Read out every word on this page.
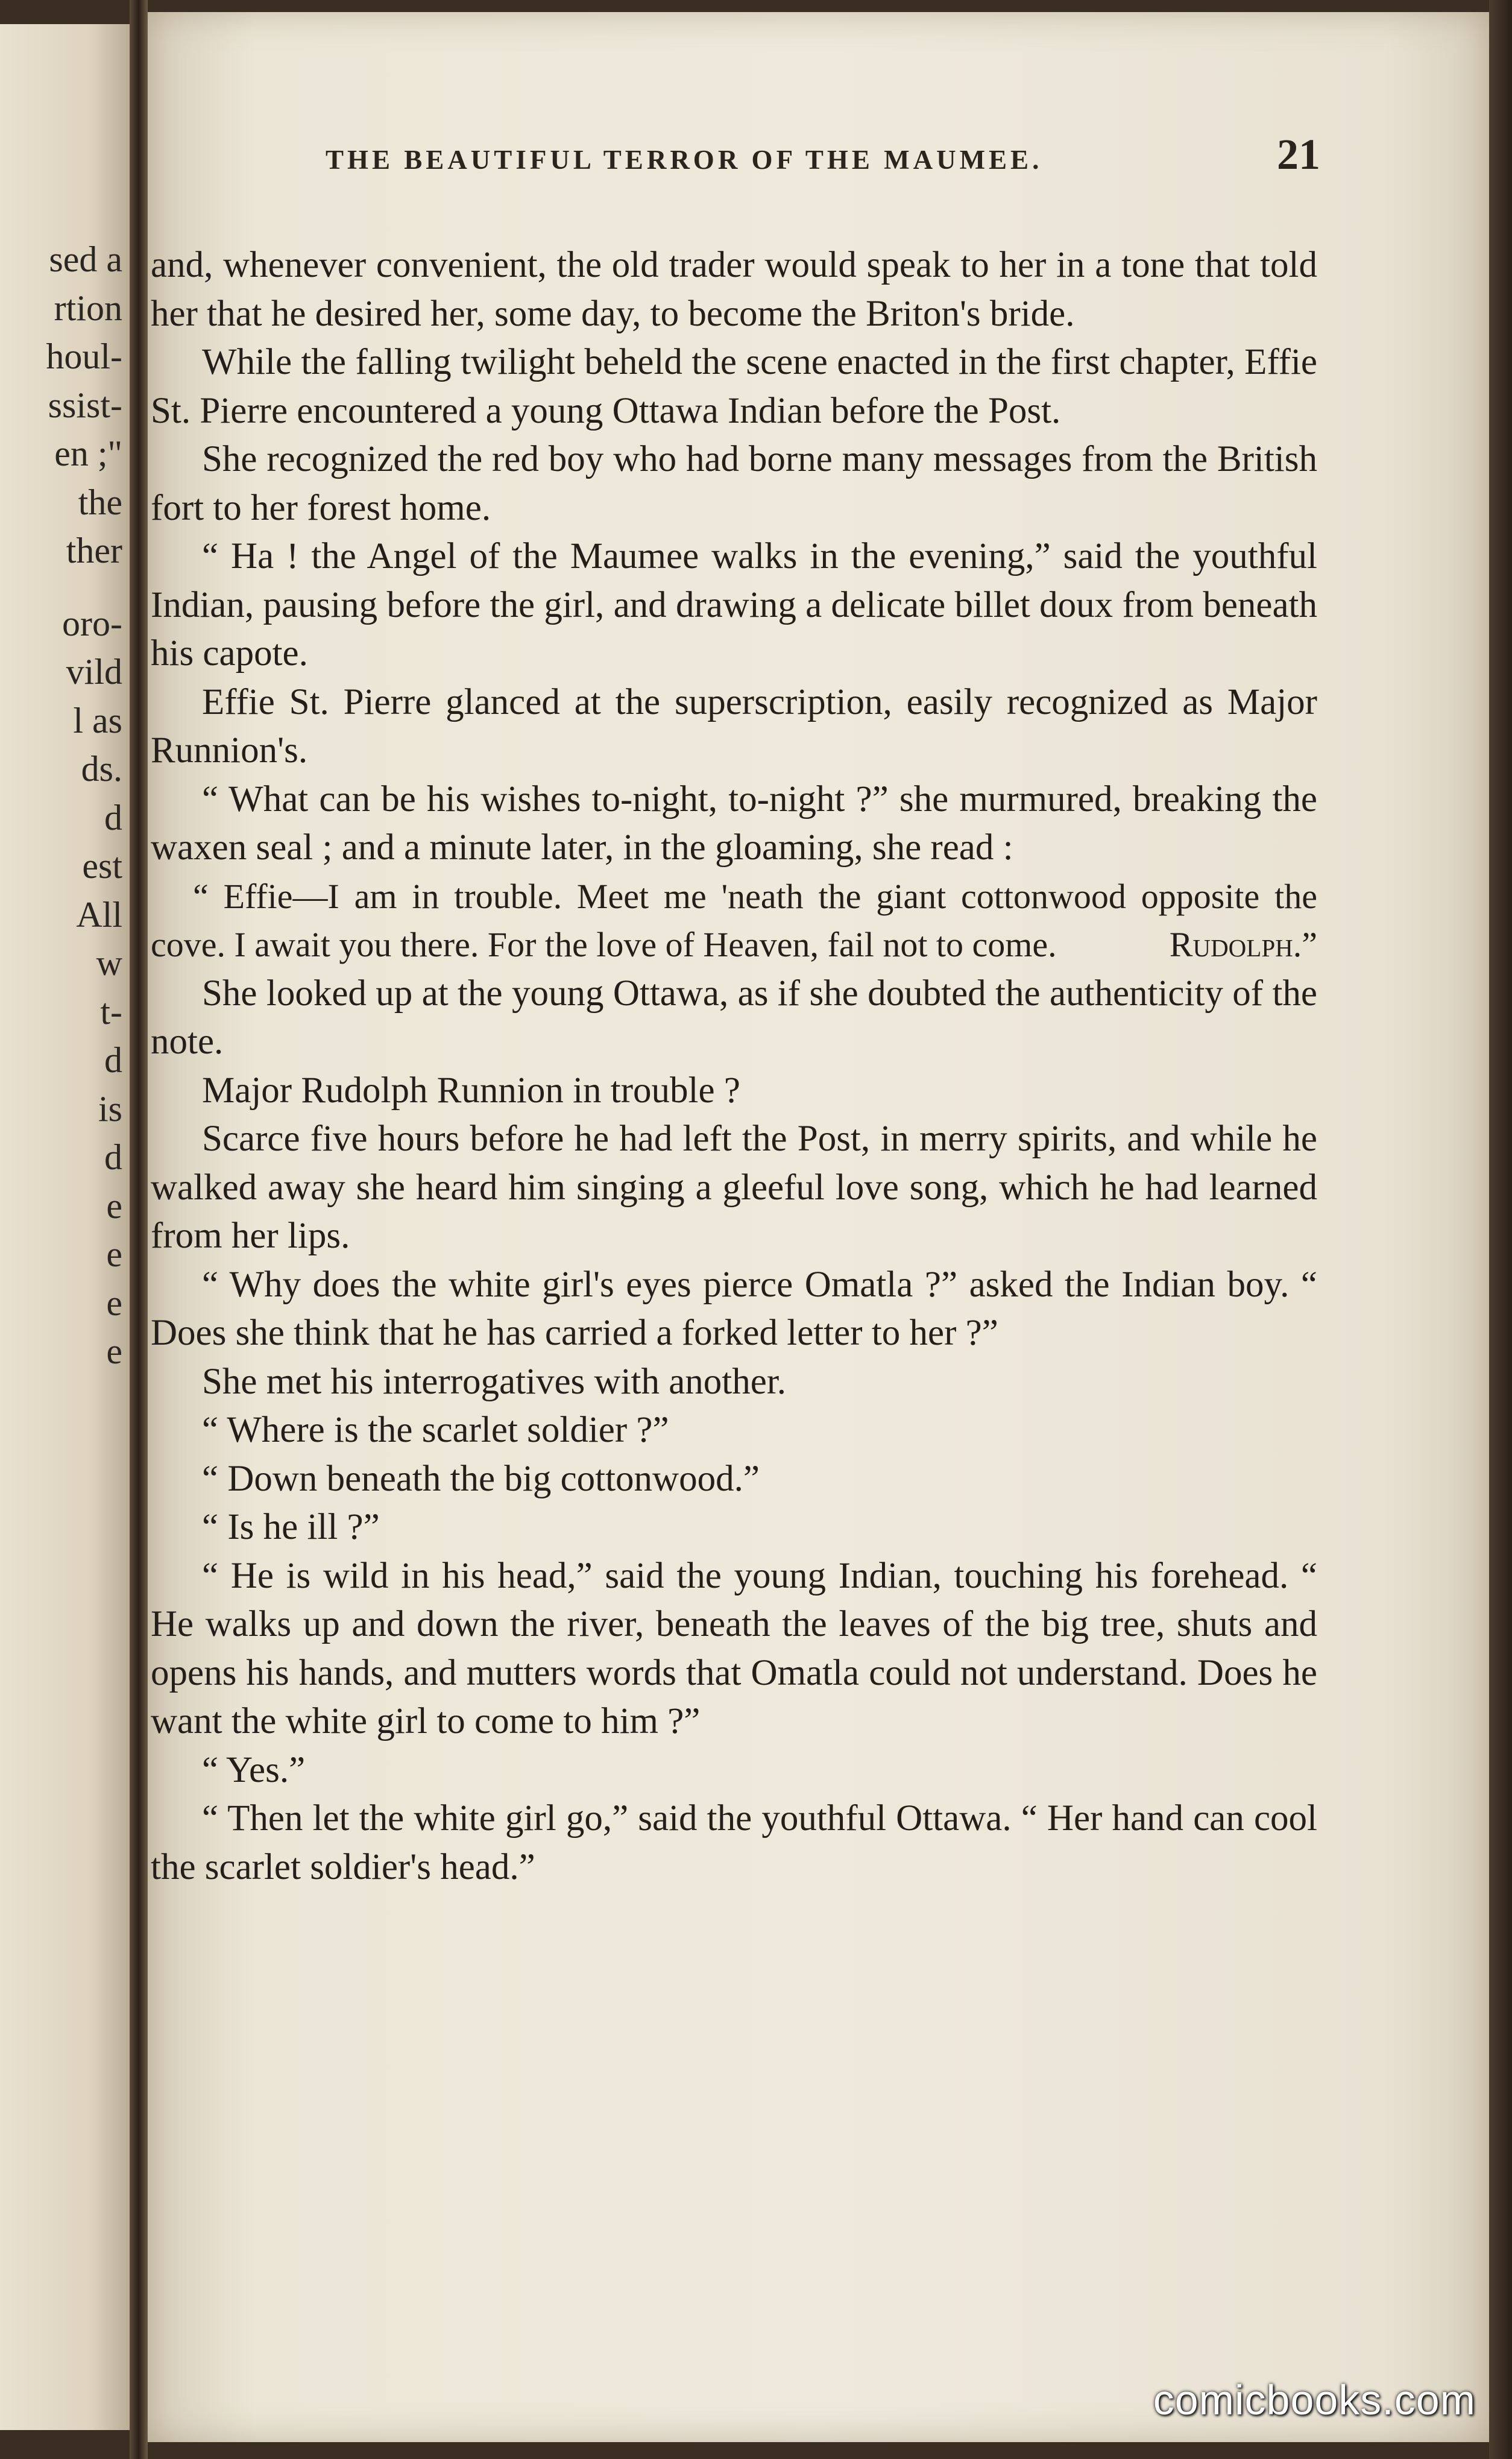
sed a

rtion

houl-

ssist-

en ;"

the

ther

oro-

vild

l as

ds.

d

est

All

w

t-

d

is

d

e

e

e

e

THE BEAUTIFUL TERROR OF THE MAUMEE.	21

and, whenever convenient, the old trader would speak to her in a tone that told her that he desired her, some day, to become the Briton's bride.

While the falling twilight beheld the scene enacted in the first chapter, Effie St. Pierre encountered a young Ottawa Indian before the Post.

She recognized the red boy who had borne many messages from the British fort to her forest home.

“ Ha ! the Angel of the Maumee walks in the evening,” said the youthful Indian, pausing before the girl, and drawing a delicate billet doux from beneath his capote.

Effie St. Pierre glanced at the superscription, easily recognized as Major Runnion's.

“ What can be his wishes to-night, to-night ?” she murmured, breaking the waxen seal ; and a minute later, in the gloaming, she read :

“ Effie—I am in trouble. Meet me 'neath the giant cottonwood opposite the cove. I await you there. For the love of Heaven, fail not to come.	Rudolph.”

She looked up at the young Ottawa, as if she doubted the authenticity of the note.

Major Rudolph Runnion in trouble ?

Scarce five hours before he had left the Post, in merry spirits, and while he walked away she heard him singing a gleeful love song, which he had learned from her lips.

“ Why does the white girl's eyes pierce Omatla ?” asked the Indian boy. “ Does she think that he has carried a forked letter to her ?”

She met his interrogatives with another.

“ Where is the scarlet soldier ?”

“ Down beneath the big cottonwood.”

“ Is he ill ?”

“ He is wild in his head,” said the young Indian, touching his forehead. “ He walks up and down the river, beneath the leaves of the big tree, shuts and opens his hands, and mutters words that Omatla could not understand. Does he want the white girl to come to him ?”

“ Yes.”

“ Then let the white girl go,” said the youthful Ottawa. “ Her hand can cool the scarlet soldier's head.”

comicbooks.com
